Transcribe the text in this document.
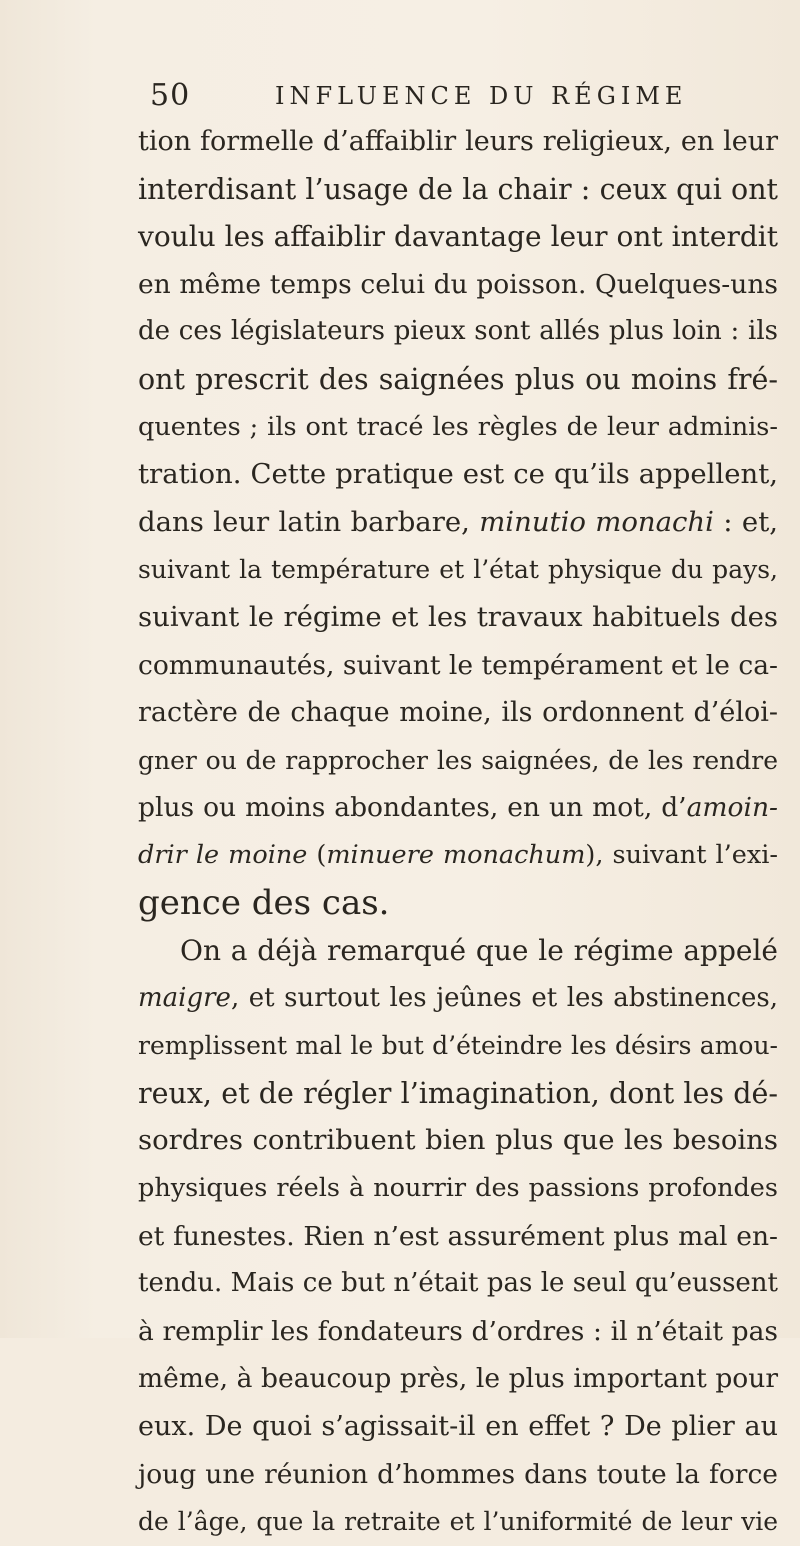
50	INFLUENCE DU RÉGIME
tion formelle d’affaiblir leurs religieux, en leur
interdisant l’usage de la chair : ceux qui ont
voulu les affaiblir davantage leur ont interdit
en même temps celui du poisson. Quelques-uns
de ces législateurs pieux sont allés plus loin : ils
ont prescrit des saignées plus ou moins fré-
quentes ; ils ont tracé les règles de leur adminis-
tration. Cette pratique est ce qu’ils appellent,
dans leur latin barbare, minutio monachi : et,
suivant la température et l’état physique du pays,
suivant le régime et les travaux habituels des
communautés, suivant le tempérament et le ca-
ractère de chaque moine, ils ordonnent d’éloi-
gner ou de rapprocher les saignées, de les rendre
plus ou moins abondantes, en un mot, d’amoin-
drir le moine (minuere monachum), suivant l’exi-
gence des cas.
On a déjà remarqué que le régime appelé
maigre, et surtout les jeûnes et les abstinences,
remplissent mal le but d’éteindre les désirs amou-
reux, et de régler l’imagination, dont les dé-
sordres contribuent bien plus que les besoins
physiques réels à nourrir des passions profondes
et funestes. Rien n’est assurément plus mal en-
tendu. Mais ce but n’était pas le seul qu’eussent
à remplir les fondateurs d’ordres : il n’était pas
même, à beaucoup près, le plus important pour
eux. De quoi s’agissait-il en effet ? De plier au
joug une réunion d’hommes dans toute la force
de l’âge, que la retraite et l’uniformité de leur vie
